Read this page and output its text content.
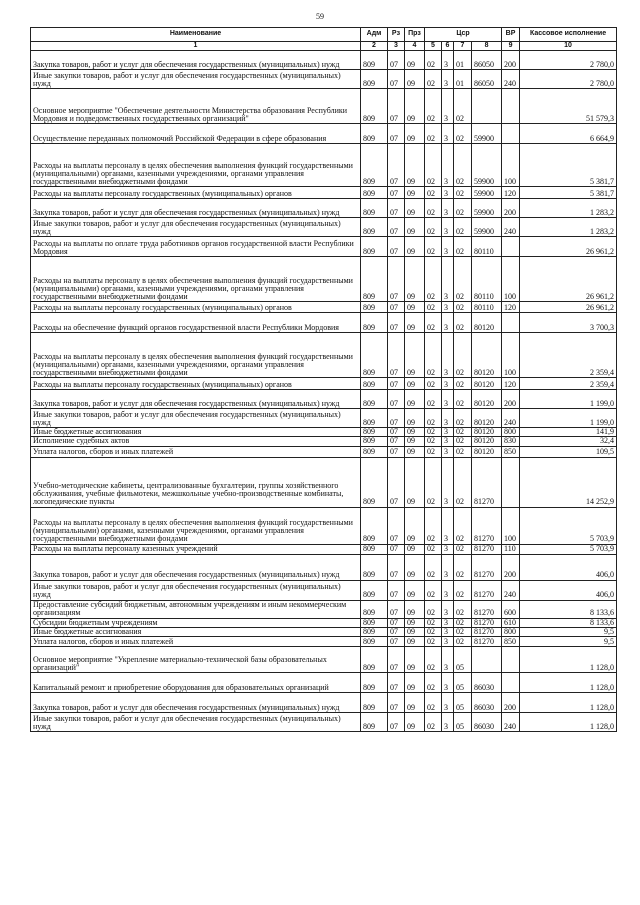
59
Наименование	Адм	Рз	Прз	Цср				ВР	Кассовое исполнение
1	2	3	4	5	6	7	8	9	10
Закупка товаров, работ и услуг для обеспечения государственных (муниципальных) нужд	809	07	09	02	3	01	86050	200	2 780,0
Иные закупки товаров, работ и услуг для обеспечения государственных (муниципальных) нужд	809	07	09	02	3	01	86050	240	2 780,0
Основное мероприятие "Обеспечение деятельности Министерства образования Республики Мордовия и подведомственных государственных организаций"	809	07	09	02	3	02			51 579,3
Осуществление переданных полномочий Российской Федерации в сфере образования	809	07	09	02	3	02	59900		6 664,9
Расходы на выплаты персоналу в целях обеспечения выполнения функций государственными (муниципальными) органами, казенными учреждениями, органами управления государственными внебюджетными фондами	809	07	09	02	3	02	59900	100	5 381,7
Расходы на выплаты персоналу государственных (муниципальных) органов	809	07	09	02	3	02	59900	120	5 381,7
Закупка товаров, работ и услуг для обеспечения государственных (муниципальных) нужд	809	07	09	02	3	02	59900	200	1 283,2
Иные закупки товаров, работ и услуг для обеспечения государственных (муниципальных) нужд	809	07	09	02	3	02	59900	240	1 283,2
Расходы на выплаты по оплате труда работников органов государственной власти Республики Мордовия	809	07	09	02	3	02	80110		26 961,2
Расходы на выплаты персоналу в целях обеспечения выполнения функций государственными (муниципальными) органами, казенными учреждениями, органами управления государственными внебюджетными фондами	809	07	09	02	3	02	80110	100	26 961,2
Расходы на выплаты персоналу государственных (муниципальных) органов	809	07	09	02	3	02	80110	120	26 961,2
Расходы на обеспечение функций органов государственной власти Республики Мордовия	809	07	09	02	3	02	80120		3 700,3
Расходы на выплаты персоналу в целях обеспечения выполнения функций государственными (муниципальными) органами, казенными учреждениями, органами управления государственными внебюджетными фондами	809	07	09	02	3	02	80120	100	2 359,4
Расходы на выплаты персоналу государственных (муниципальных) органов	809	07	09	02	3	02	80120	120	2 359,4
Закупка товаров, работ и услуг для обеспечения государственных (муниципальных) нужд	809	07	09	02	3	02	80120	200	1 199,0
Иные закупки товаров, работ и услуг для обеспечения государственных (муниципальных) нужд	809	07	09	02	3	02	80120	240	1 199,0
Иные бюджетные ассигнования	809	07	09	02	3	02	80120	800	141,9
Исполнение судебных актов	809	07	09	02	3	02	80120	830	32,4
Уплата налогов, сборов и иных платежей	809	07	09	02	3	02	80120	850	109,5
Учебно-методические кабинеты, централизованные бухгалтерии, группы хозяйственного обслуживания, учебные фильмотеки, межшкольные учебно-производственные комбинаты, логопедические пункты	809	07	09	02	3	02	81270		14 252,9
Расходы на выплаты персоналу в целях обеспечения выполнения функций государственными (муниципальными) органами, казенными учреждениями, органами управления государственными внебюджетными фондами	809	07	09	02	3	02	81270	100	5 703,9
Расходы на выплаты персоналу казенных учреждений	809	07	09	02	3	02	81270	110	5 703,9
Закупка товаров, работ и услуг для обеспечения государственных (муниципальных) нужд	809	07	09	02	3	02	81270	200	406,0
Иные закупки товаров, работ и услуг для обеспечения государственных (муниципальных) нужд	809	07	09	02	3	02	81270	240	406,0
Предоставление субсидий бюджетным, автономным учреждениям и иным некоммерческим организациям	809	07	09	02	3	02	81270	600	8 133,6
Субсидии бюджетным учреждениям	809	07	09	02	3	02	81270	610	8 133,6
Иные бюджетные ассигнования	809	07	09	02	3	02	81270	800	9,5
Уплата налогов, сборов и иных платежей	809	07	09	02	3	02	81270	850	9,5
Основное мероприятие "Укрепление материально-технической базы образовательных организаций"	809	07	09	02	3	05			1 128,0
Капитальный ремонт и приобретение оборудования для образовательных организаций	809	07	09	02	3	05	86030		1 128,0
Закупка товаров, работ и услуг для обеспечения государственных (муниципальных) нужд	809	07	09	02	3	05	86030	200	1 128,0
Иные закупки товаров, работ и услуг для обеспечения государственных (муниципальных) нужд	809	07	09	02	3	05	86030	240	1 128,0
